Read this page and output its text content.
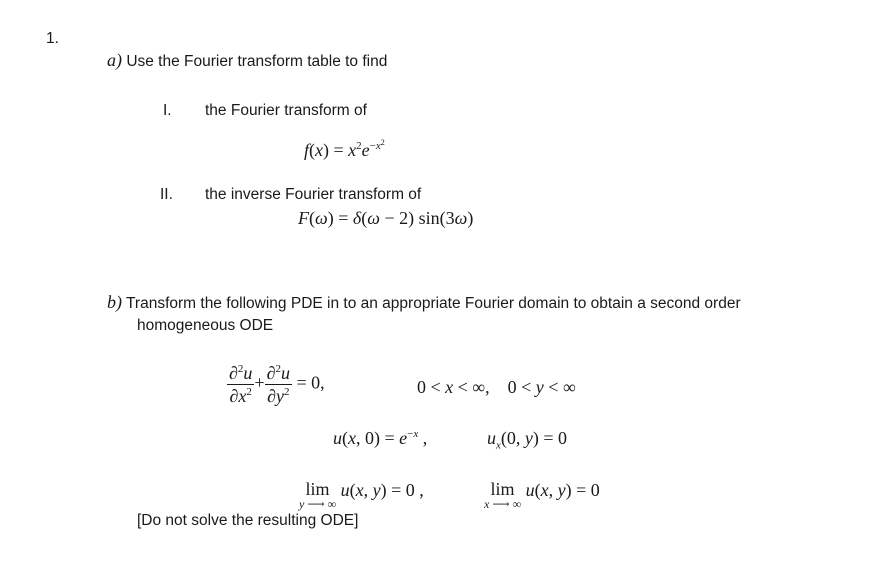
1.
a) Use the Fourier transform table to find
I. the Fourier transform of
$f(x) = x^2e^{-x^2}$
II. the inverse Fourier transform of
F(ω) = δ(ω − 2) sin(3ω)
b) Transform the following PDE in to an appropriate Fourier domain to obtain a second order
homogeneous ODE
$\frac{\partial^2u}{\partial x^2} + \frac{\partial^2u}{\partial y^2} = 0$,	0 < x < ∞,    0 < y < ∞
u(x, $0) = e^{-x}$ ,	$u_x(0$, y) = 0
lim
y ⟶ ∞
u(x, y) = 0 ,	lim
x ⟶ ∞
u(x, y) = 0
[Do not solve the resulting ODE]
